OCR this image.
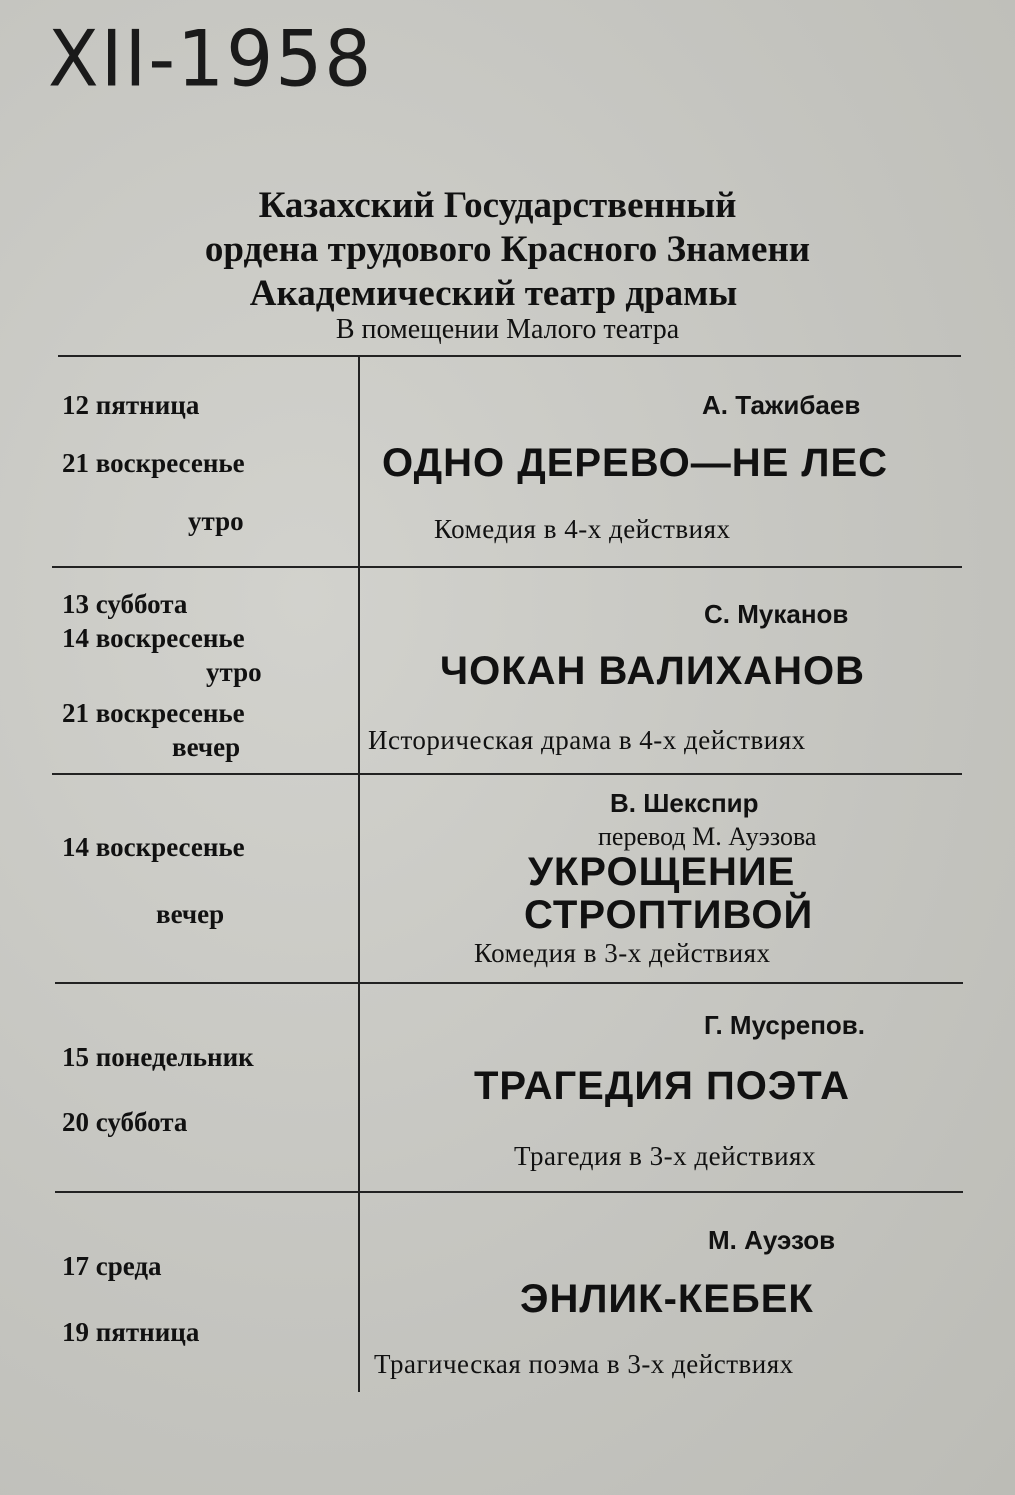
XII-1958
Казахский Государственный
ордена трудового Красного Знамени
Академический театр драмы
В помещении Малого театра
12 пятница
21 воскресенье
утро
А. Тажибаев
ОДНО ДЕРЕВО—НЕ ЛЕС
Комедия в 4-х действиях
13 суббота
14 воскресенье
утро
21 воскресенье
вечер
С. Муканов
ЧОКАН ВАЛИХАНОВ
Историческая драма в 4-х действиях
14 воскресенье
вечер
В. Шекспир
перевод М. Ауэзова
УКРОЩЕНИЕ
СТРОПТИВОЙ
Комедия в 3-х действиях
15 понедельник
20 суббота
Г. Мусрепов.
ТРАГЕДИЯ ПОЭТА
Трагедия в 3-х действиях
17 среда
19 пятница
М. Ауэзов
ЭНЛИК-КЕБЕК
Трагическая поэма в 3-х действиях
